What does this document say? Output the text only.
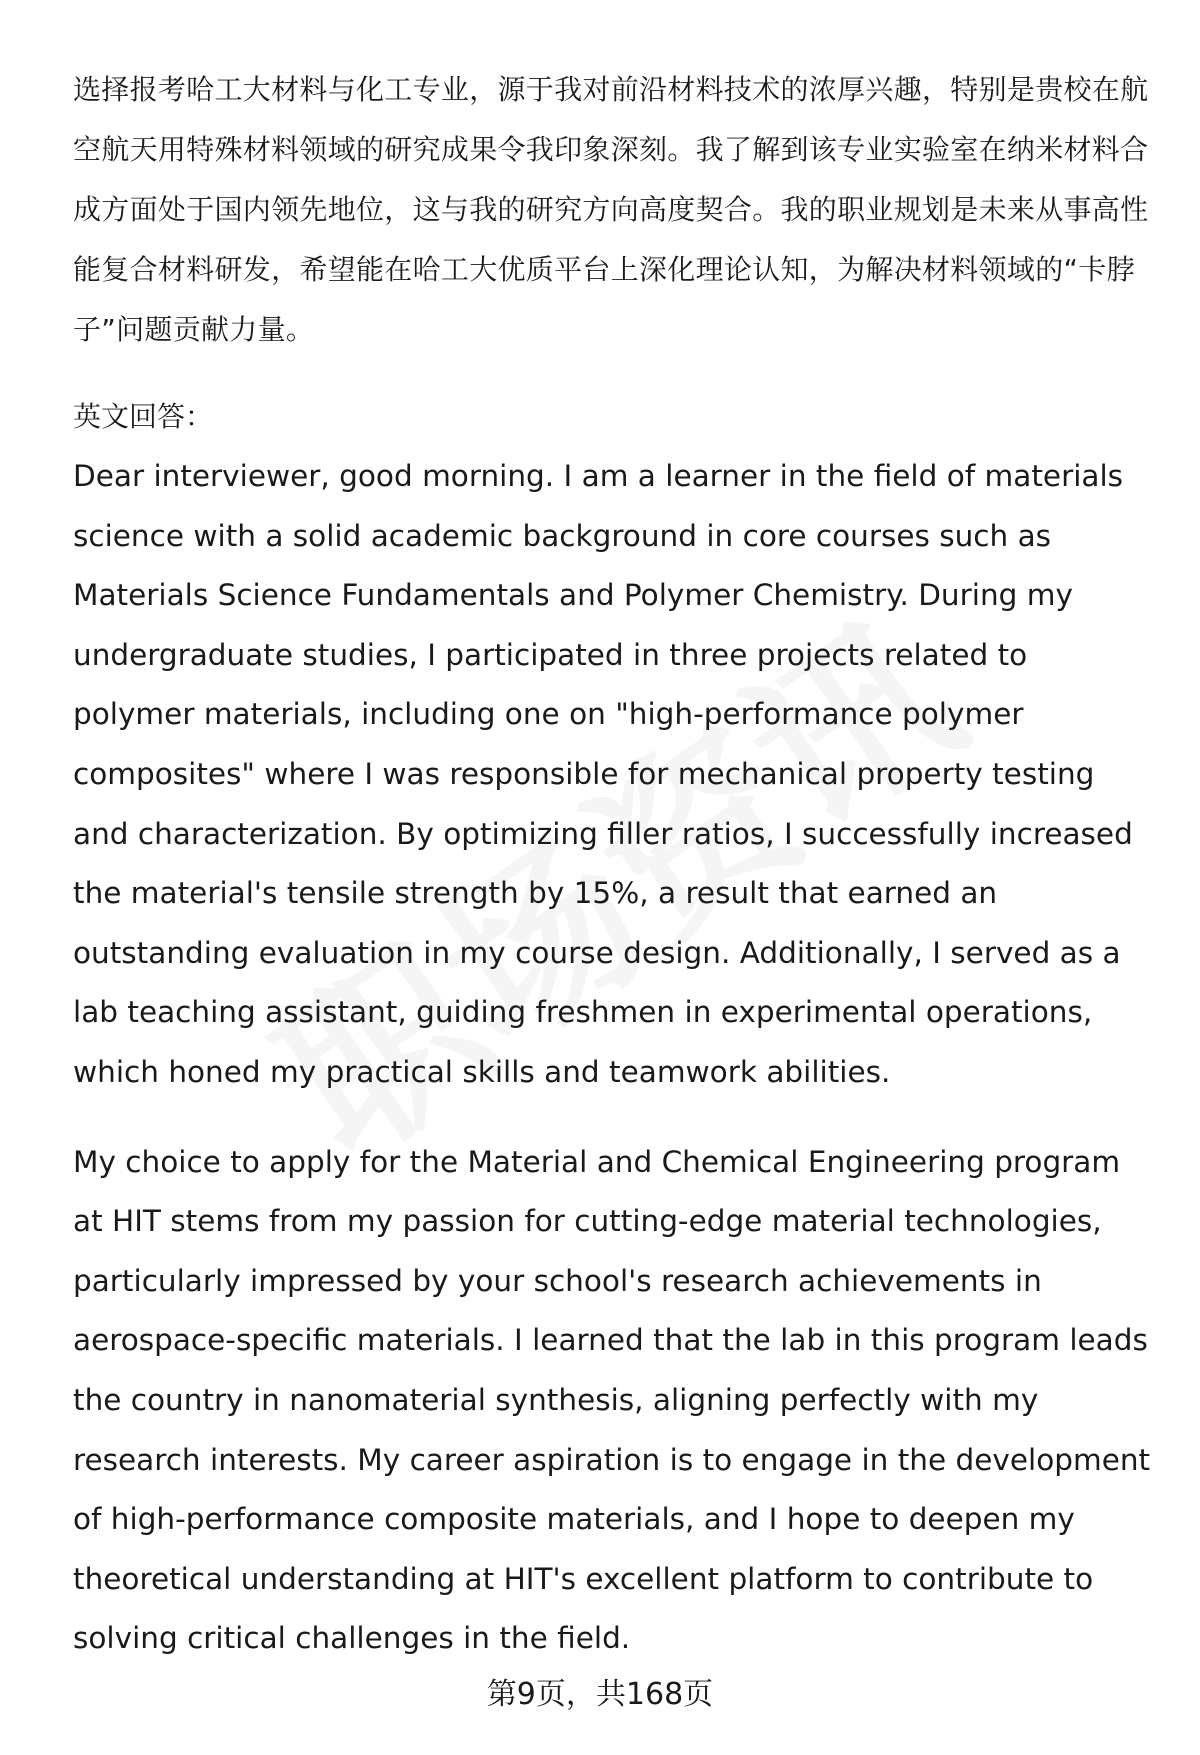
选择报考哈工大材料与化工专业，源于我对前沿材料技术的浓厚兴趣，特别是贵校在航空航天用特殊材料领域的研究成果令我印象深刻。我了解到该专业实验室在纳米材料合成方面处于国内领先地位，这与我的研究方向高度契合。我的职业规划是未来从事高性能复合材料研发，希望能在哈工大优质平台上深化理论认知，为解决材料领域的“卡脖子”问题贡献力量。

英文回答：

Dear interviewer, good morning. I am a learner in the field of materials science with a solid academic background in core courses such as Materials Science Fundamentals and Polymer Chemistry. During my undergraduate studies, I participated in three projects related to polymer materials, including one on "high-performance polymer composites" where I was responsible for mechanical property testing and characterization. By optimizing filler ratios, I successfully increased the material's tensile strength by 15%, a result that earned an outstanding evaluation in my course design. Additionally, I served as a lab teaching assistant, guiding freshmen in experimental operations, which honed my practical skills and teamwork abilities.

My choice to apply for the Material and Chemical Engineering program at HIT stems from my passion for cutting-edge material technologies, particularly impressed by your school's research achievements in aerospace-specific materials. I learned that the lab in this program leads the country in nanomaterial synthesis, aligning perfectly with my research interests. My career aspiration is to engage in the development of high-performance composite materials, and I hope to deepen my theoretical understanding at HIT's excellent platform to contribute to solving critical challenges in the field.

第9页，共168页
